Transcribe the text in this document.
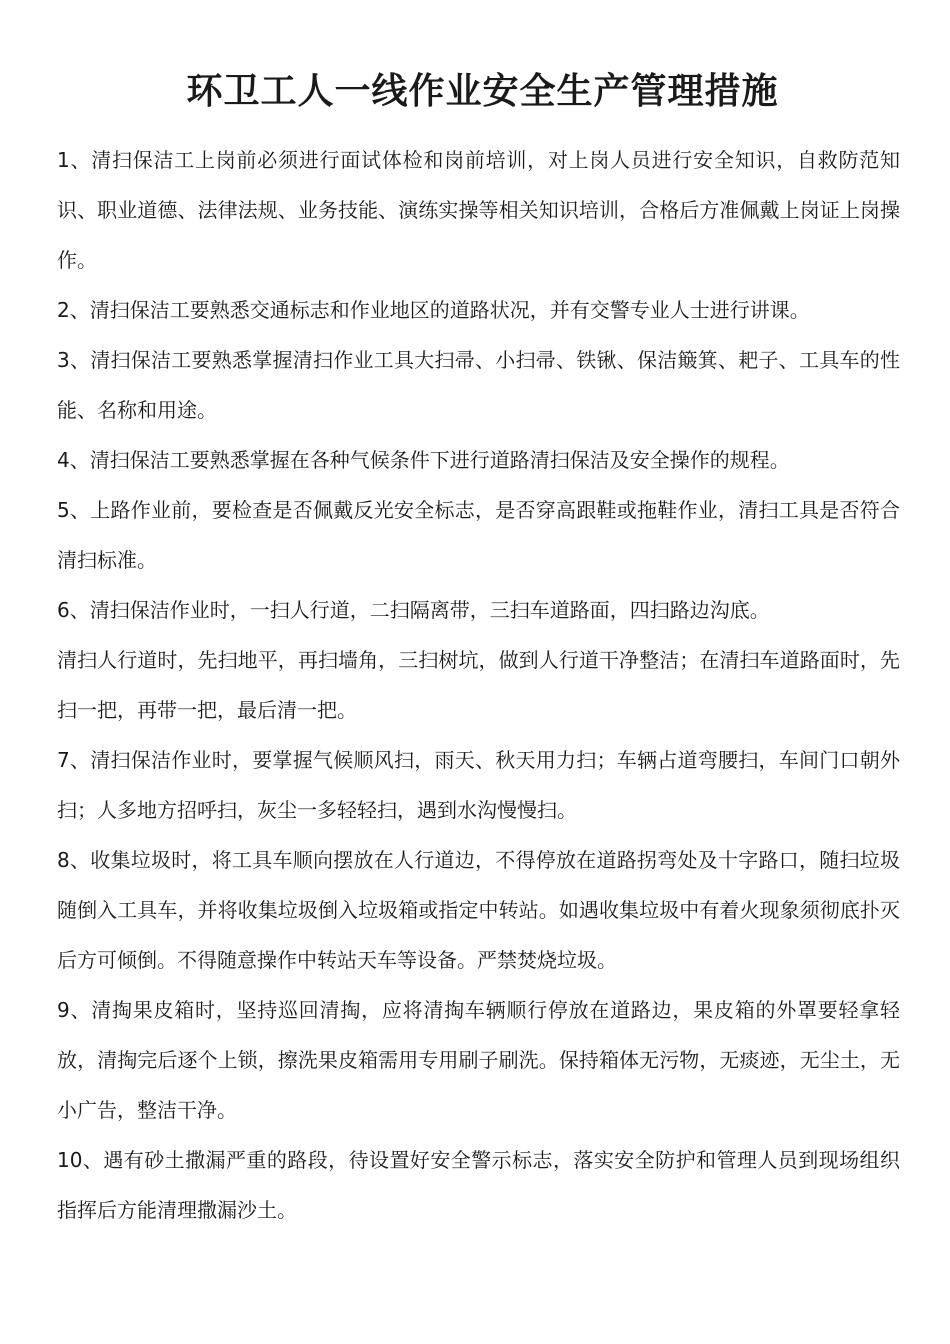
环卫工人一线作业安全生产管理措施

1、清扫保洁工上岗前必须进行面试体检和岗前培训，对上岗人员进行安全知识，自救防范知识、职业道德、法律法规、业务技能、演练实操等相关知识培训，合格后方准佩戴上岗证上岗操作。

2、清扫保洁工要熟悉交通标志和作业地区的道路状况，并有交警专业人士进行讲课。

3、清扫保洁工要熟悉掌握清扫作业工具大扫帚、小扫帚、铁锹、保洁簸箕、耙子、工具车的性能、名称和用途。

4、清扫保洁工要熟悉掌握在各种气候条件下进行道路清扫保洁及安全操作的规程。

5、上路作业前，要检查是否佩戴反光安全标志，是否穿高跟鞋或拖鞋作业，清扫工具是否符合清扫标准。

6、清扫保洁作业时，一扫人行道，二扫隔离带，三扫车道路面，四扫路边沟底。

清扫人行道时，先扫地平，再扫墙角，三扫树坑，做到人行道干净整洁；在清扫车道路面时，先扫一把，再带一把，最后清一把。

7、清扫保洁作业时，要掌握气候顺风扫，雨天、秋天用力扫；车辆占道弯腰扫，车间门口朝外扫；人多地方招呼扫，灰尘一多轻轻扫，遇到水沟慢慢扫。

8、收集垃圾时，将工具车顺向摆放在人行道边，不得停放在道路拐弯处及十字路口，随扫垃圾随倒入工具车，并将收集垃圾倒入垃圾箱或指定中转站。如遇收集垃圾中有着火现象须彻底扑灭后方可倾倒。不得随意操作中转站天车等设备。严禁焚烧垃圾。

9、清掏果皮箱时，坚持巡回清掏，应将清掏车辆顺行停放在道路边，果皮箱的外罩要轻拿轻放，清掏完后逐个上锁，擦洗果皮箱需用专用刷子刷洗。保持箱体无污物，无痰迹，无尘土，无小广告，整洁干净。

10、遇有砂土撒漏严重的路段，待设置好安全警示标志，落实安全防护和管理人员到现场组织指挥后方能清理撒漏沙土。
